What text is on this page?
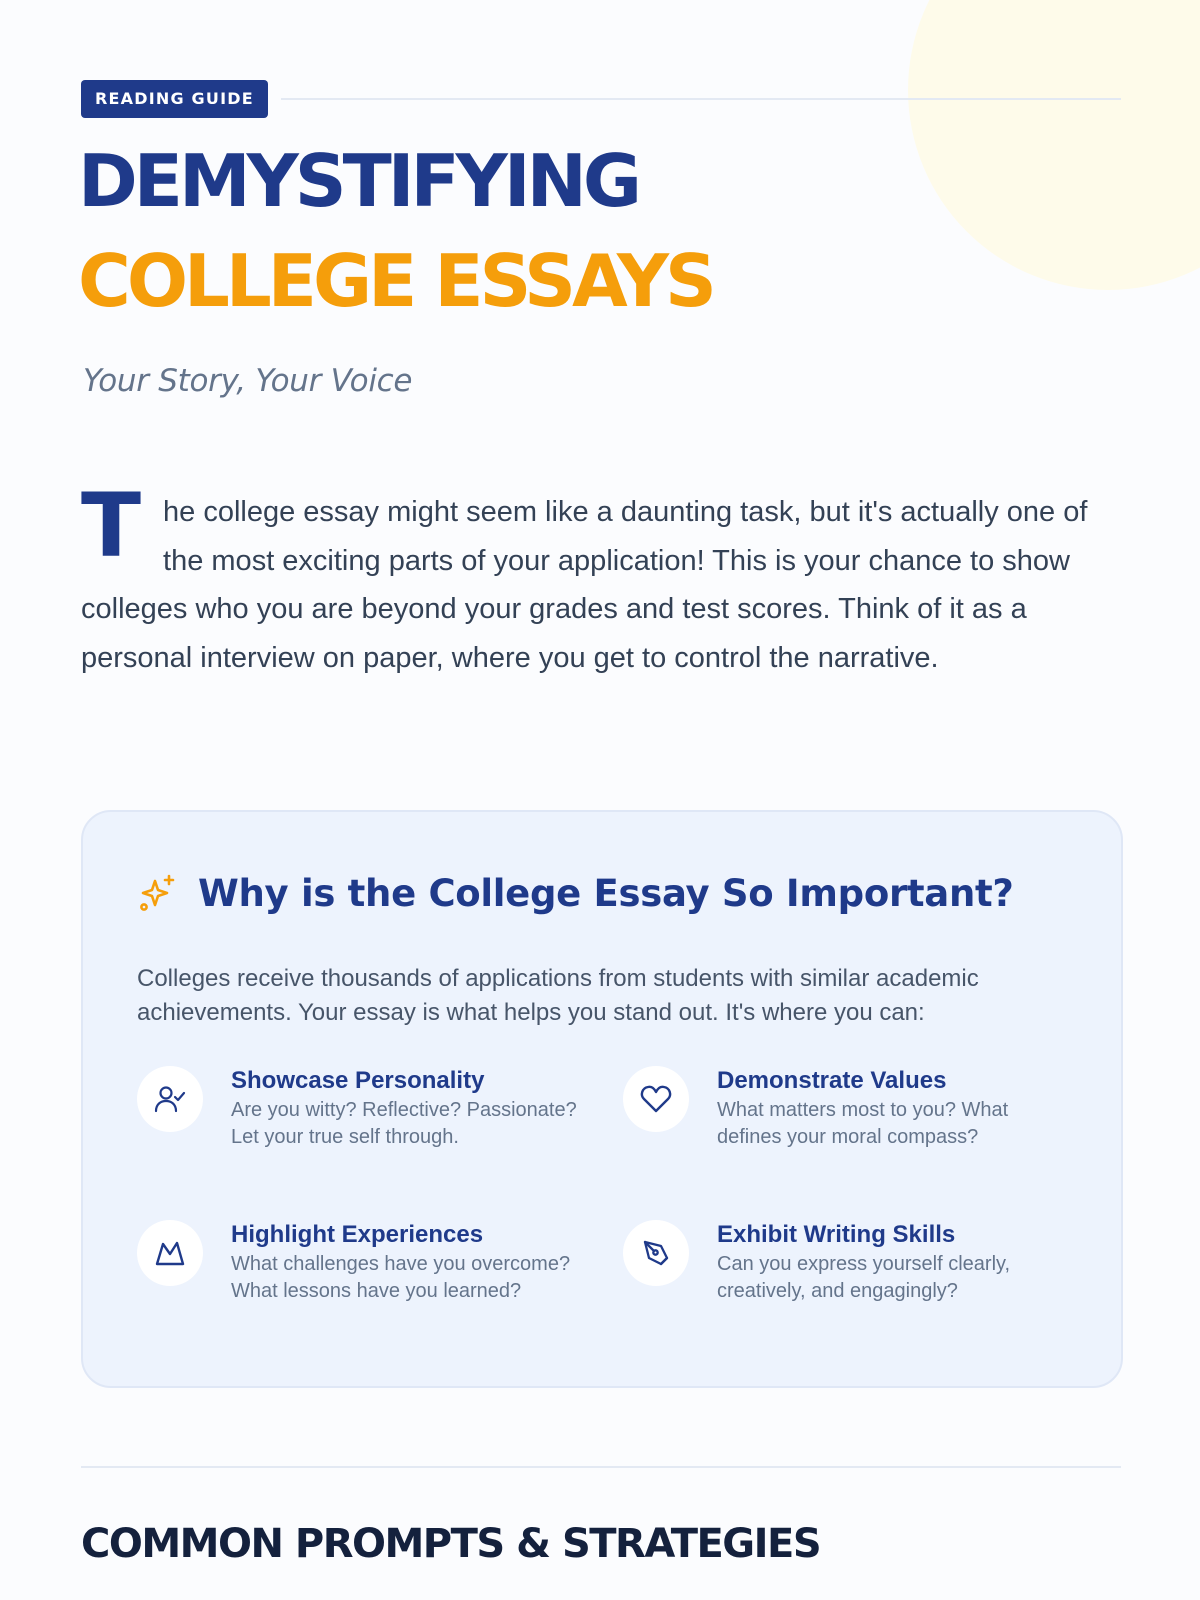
READING GUIDE
DEMYSTIFYING
COLLEGE ESSAYS
Your Story, Your Voice

The college essay might seem like a daunting task, but it's actually one of the most exciting parts of your application! This is your chance to show colleges who you are beyond your grades and test scores. Think of it as a personal interview on paper, where you get to control the narrative.

Why is the College Essay So Important?
Colleges receive thousands of applications from students with similar academic achievements. Your essay is what helps you stand out. It's where you can:
Showcase Personality
Are you witty? Reflective? Passionate? Let your true self through.
Demonstrate Values
What matters most to you? What defines your moral compass?
Highlight Experiences
What challenges have you overcome? What lessons have you learned?
Exhibit Writing Skills
Can you express yourself clearly, creatively, and engagingly?
COMMON PROMPTS & STRATEGIES
